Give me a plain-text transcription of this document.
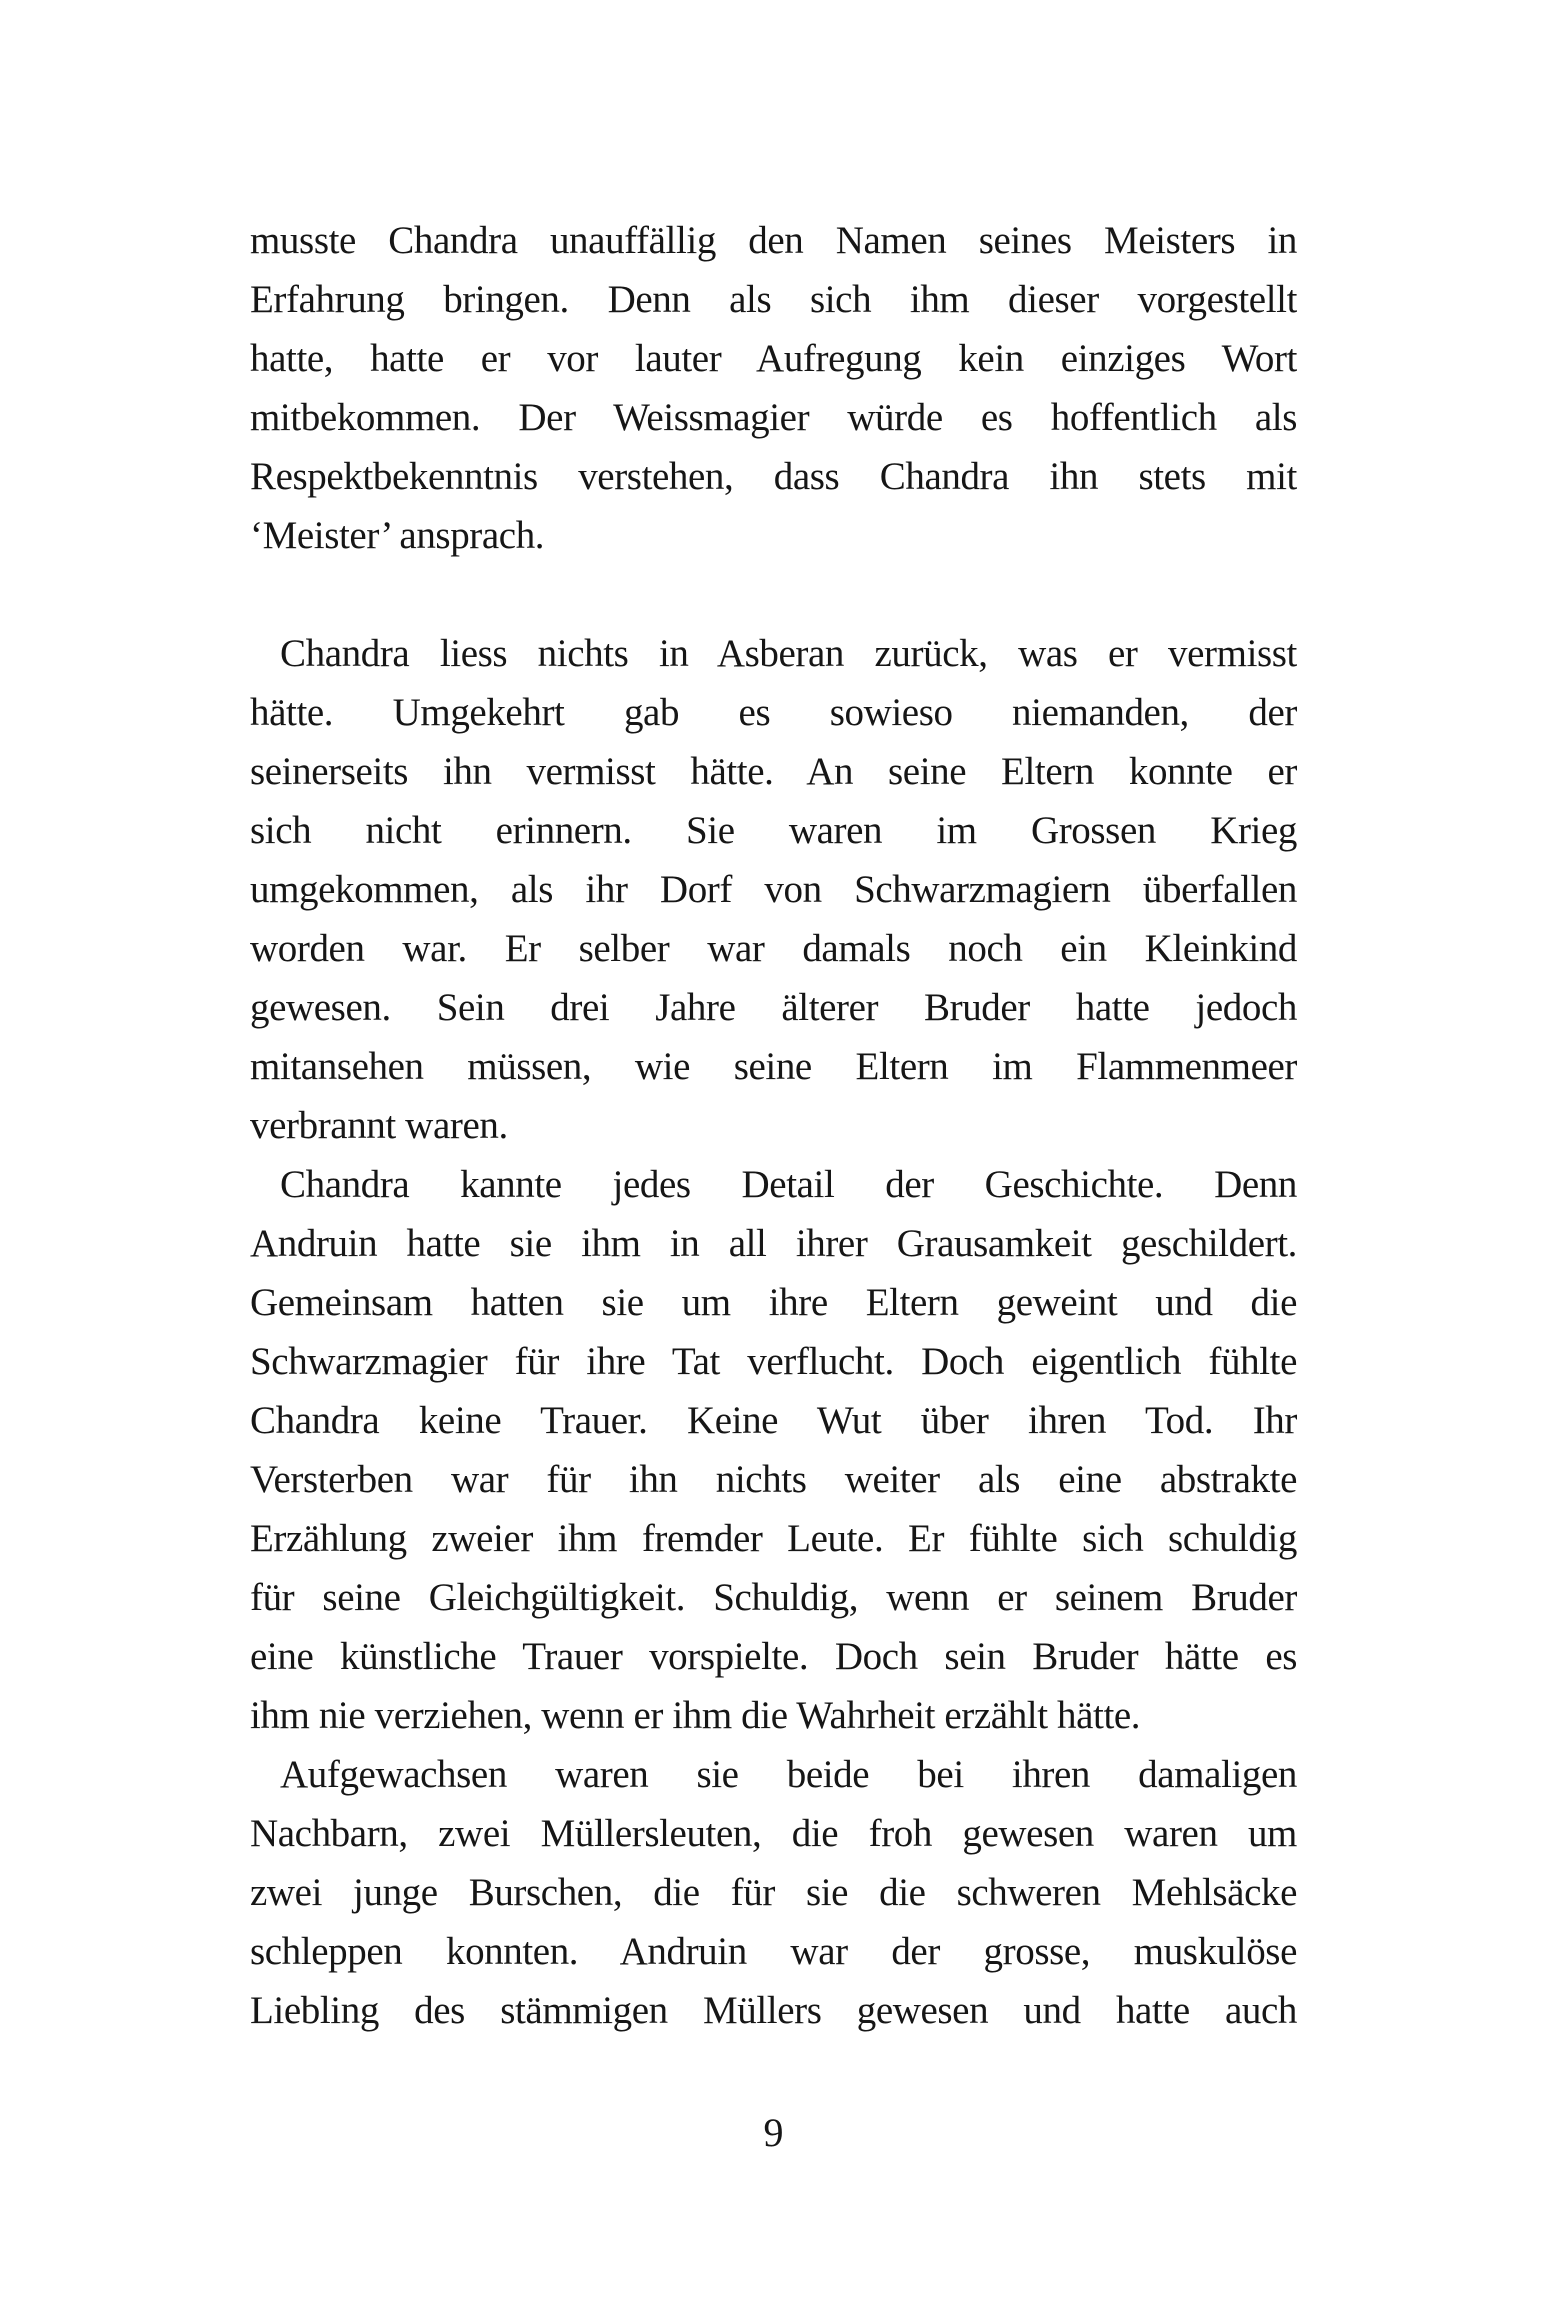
musste Chandra unauffällig den Namen seines Meisters in
Erfahrung bringen. Denn als sich ihm dieser vorgestellt
hatte, hatte er vor lauter Aufregung kein einziges Wort
mitbekommen. Der Weissmagier würde es hoffentlich als
Respektbekenntnis verstehen, dass Chandra ihn stets mit
‘Meister’ ansprach.
Chandra liess nichts in Asberan zurück, was er vermisst
hätte. Umgekehrt gab es sowieso niemanden, der
seinerseits ihn vermisst hätte. An seine Eltern konnte er
sich nicht erinnern. Sie waren im Grossen Krieg
umgekommen, als ihr Dorf von Schwarzmagiern überfallen
worden war. Er selber war damals noch ein Kleinkind
gewesen. Sein drei Jahre älterer Bruder hatte jedoch
mitansehen müssen, wie seine Eltern im Flammenmeer
verbrannt waren.
Chandra kannte jedes Detail der Geschichte. Denn
Andruin hatte sie ihm in all ihrer Grausamkeit geschildert.
Gemeinsam hatten sie um ihre Eltern geweint und die
Schwarzmagier für ihre Tat verflucht. Doch eigentlich fühlte
Chandra keine Trauer. Keine Wut über ihren Tod. Ihr
Versterben war für ihn nichts weiter als eine abstrakte
Erzählung zweier ihm fremder Leute. Er fühlte sich schuldig
für seine Gleichgültigkeit. Schuldig, wenn er seinem Bruder
eine künstliche Trauer vorspielte. Doch sein Bruder hätte es
ihm nie verziehen, wenn er ihm die Wahrheit erzählt hätte.
Aufgewachsen waren sie beide bei ihren damaligen
Nachbarn, zwei Müllersleuten, die froh gewesen waren um
zwei junge Burschen, die für sie die schweren Mehlsäcke
schleppen konnten. Andruin war der grosse, muskulöse
Liebling des stämmigen Müllers gewesen und hatte auch
9
